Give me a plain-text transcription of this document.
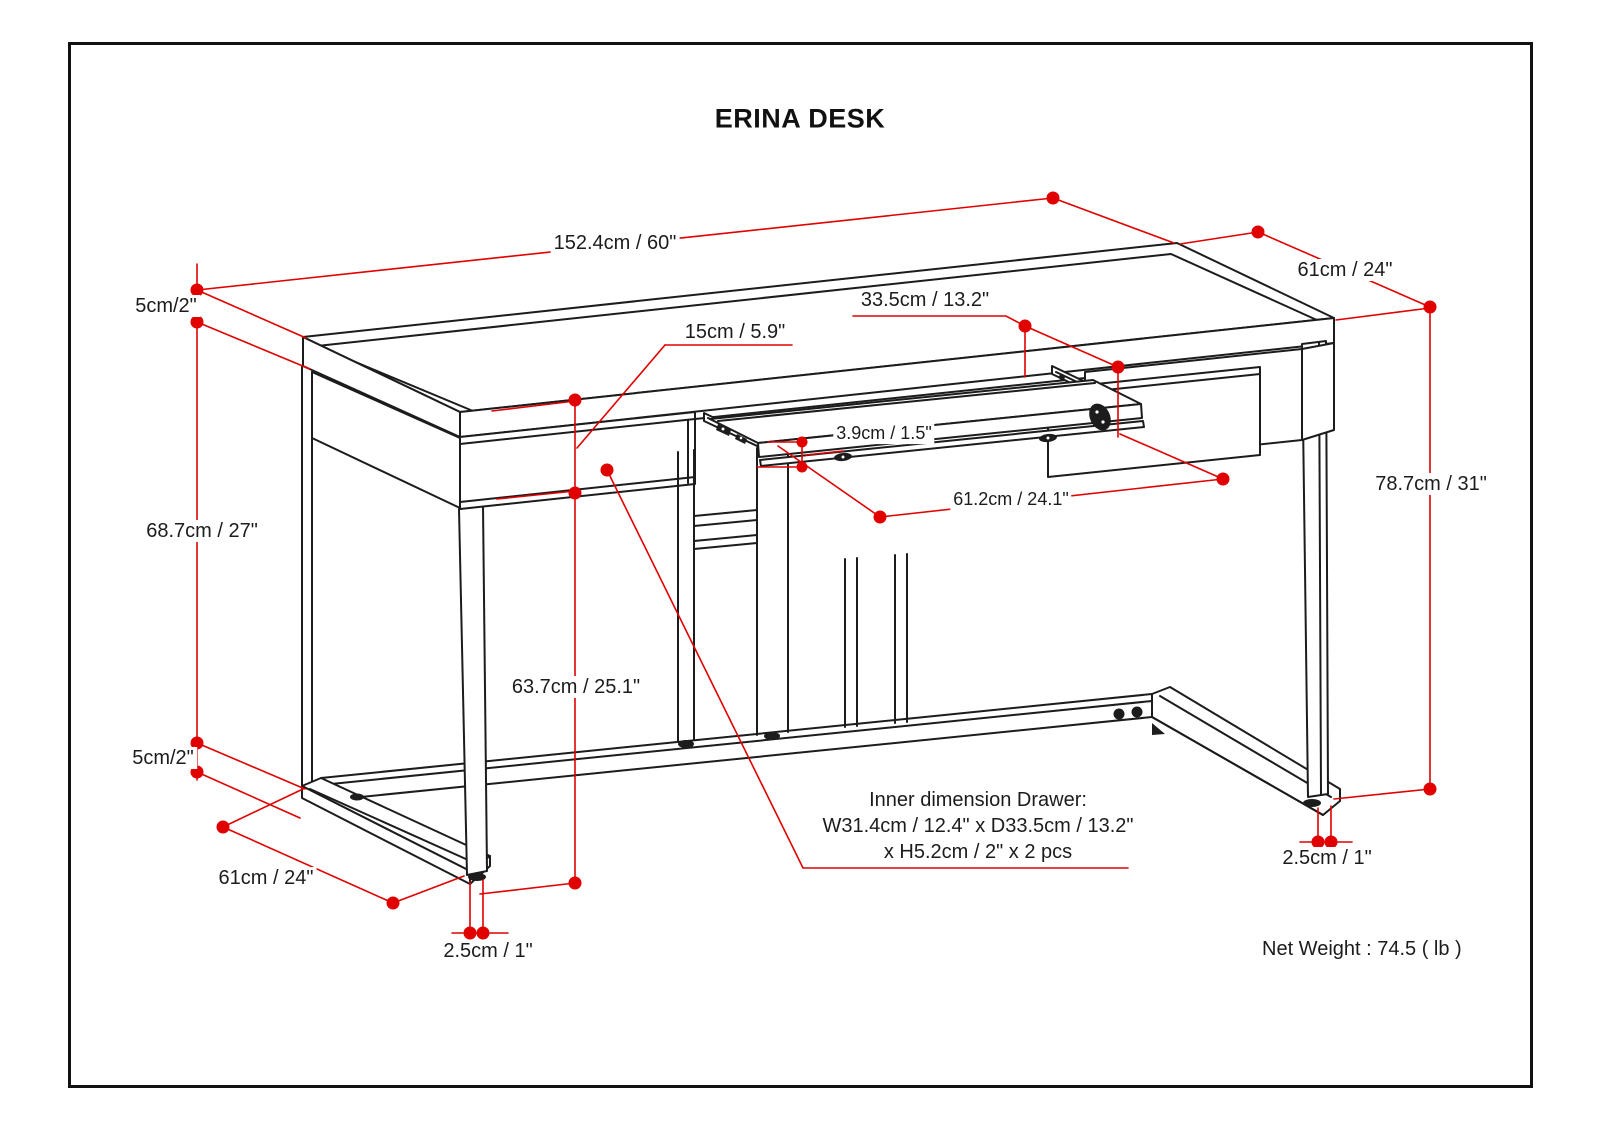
ERINA DESK
152.4cm / 60"
61cm / 24"
5cm/2"
15cm / 5.9"
33.5cm / 13.2"
3.9cm / 1.5"
68.7cm / 27"
63.7cm / 25.1"
61.2cm / 24.1"
78.7cm / 31"
5cm/2"
61cm / 24"
2.5cm / 1"
2.5cm / 1"
Inner dimension Drawer:
W31.4cm / 12.4" x D33.5cm / 13.2"
x H5.2cm / 2" x 2 pcs
Net Weight : 74.5 ( lb )
